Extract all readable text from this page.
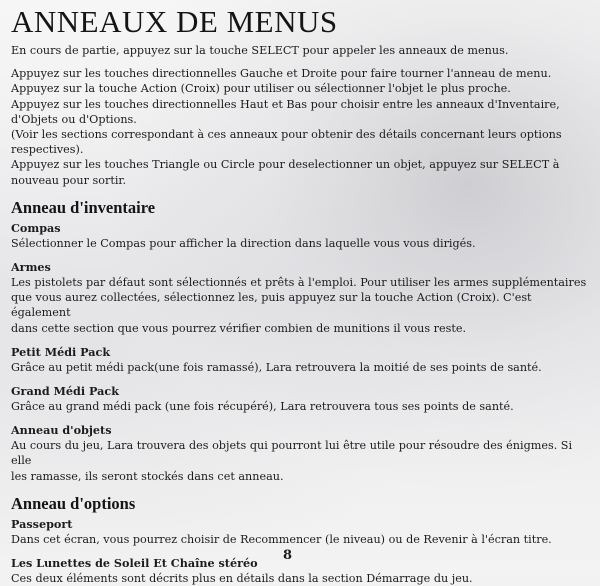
ANNEAUX DE MENUS

En cours de partie, appuyez sur la touche SELECT pour appeler les anneaux de menus.

Appuyez sur les touches directionnelles Gauche et Droite pour faire tourner l'anneau de menu.

Appuyez sur la touche Action (Croix) pour utiliser ou sélectionner l'objet le plus proche.

Appuyez sur les touches directionnelles Haut et Bas pour choisir entre les anneaux d'Inventaire,

d'Objets ou d'Options.

(Voir les sections correspondant à ces anneaux pour obtenir des détails concernant leurs options

respectives).

Appuyez sur les touches Triangle ou Circle pour deselectionner un objet, appuyez sur SELECT à

nouveau pour sortir.

Anneau d'inventaire

Compas

Sélectionner le Compas pour afficher la direction dans laquelle vous vous dirigés.

Armes

Les pistolets par défaut sont sélectionnés et prêts à l'emploi. Pour utiliser les armes supplémentaires

que vous aurez collectées, sélectionnez les, puis appuyez sur la touche Action (Croix). C'est également

dans cette section que vous pourrez vérifier combien de munitions il vous reste.

Petit Médi Pack

Grâce au petit médi pack(une fois ramassé), Lara retrouvera la moitié de ses points de santé.

Grand Médi Pack

Grâce au grand médi pack (une fois récupéré), Lara retrouvera tous ses points de santé.

Anneau d'objets

Au cours du jeu, Lara trouvera des objets qui pourront lui être utile pour résoudre des énigmes. Si elle

les ramasse, ils seront stockés dans cet anneau.

Anneau d'options

Passeport

Dans cet écran, vous pourrez choisir de Recommencer (le niveau) ou de Revenir à l'écran titre.

Les Lunettes de Soleil Et Chaîne stéréo

Ces deux éléments sont décrits plus en détails dans la section Démarrage du jeu.

8
